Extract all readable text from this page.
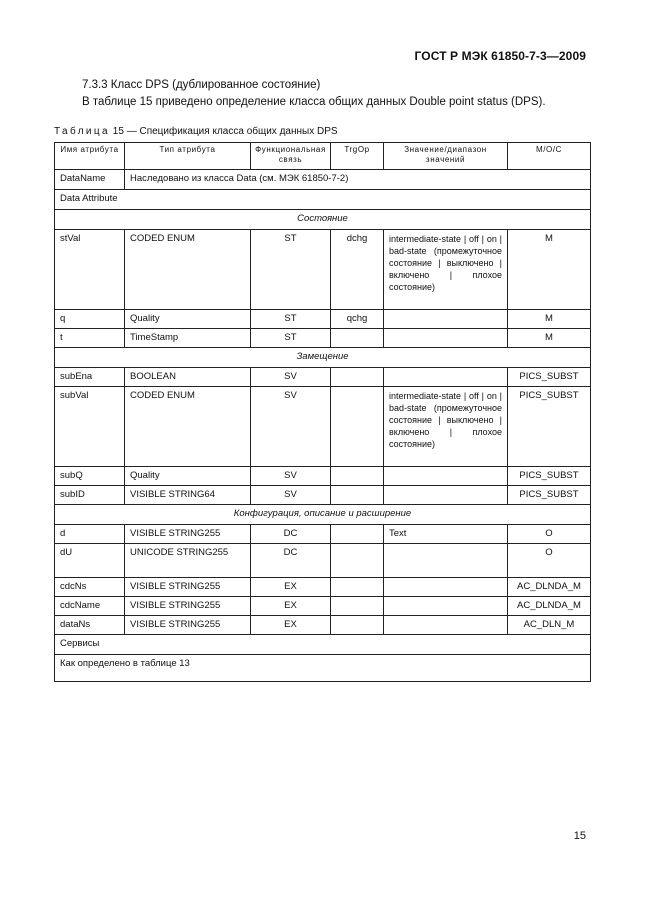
ГОСТ Р МЭК 61850-7-3—2009
7.3.3 Класс DPS (дублированное состояние)
В таблице 15 приведено определение класса общих данных Double point status (DPS).
Таблица 15 — Спецификация класса общих данных DPS
Имя атрибута	Тип атрибута	Функциональная связь	TrgOp	Значение/диапазон значений	М/О/С
DataName	Наследовано из класса Data (см. МЭК 61850-7-2)				
Data Attribute					
Состояние					
stVal	CODED ENUM	ST	dchg	intermediate-state | off | on | bad-state (промежуточное состояние | выключено | включено | плохое состояние)	M
q	Quality	ST	qchg		M
t	TimeStamp	ST			M
Замещение					
subEna	BOOLEAN	SV			PICS_SUBST
subVal	CODED ENUM	SV		intermediate-state | off | on | bad-state (промежуточное состояние | выключено | включено | плохое состояние)	PICS_SUBST
subQ	Quality	SV			PICS_SUBST
subID	VISIBLE STRING64	SV			PICS_SUBST
Конфигурация, описание и расширение					
d	VISIBLE STRING255	DC		Text	O
dU	UNICODE STRING255	DC			O
cdcNs	VISIBLE STRING255	EX			AC_DLNDA_M
cdcName	VISIBLE STRING255	EX			AC_DLNDA_M
dataNs	VISIBLE STRING255	EX			AC_DLN_M
Сервисы					
Как определено в таблице 13					
15
